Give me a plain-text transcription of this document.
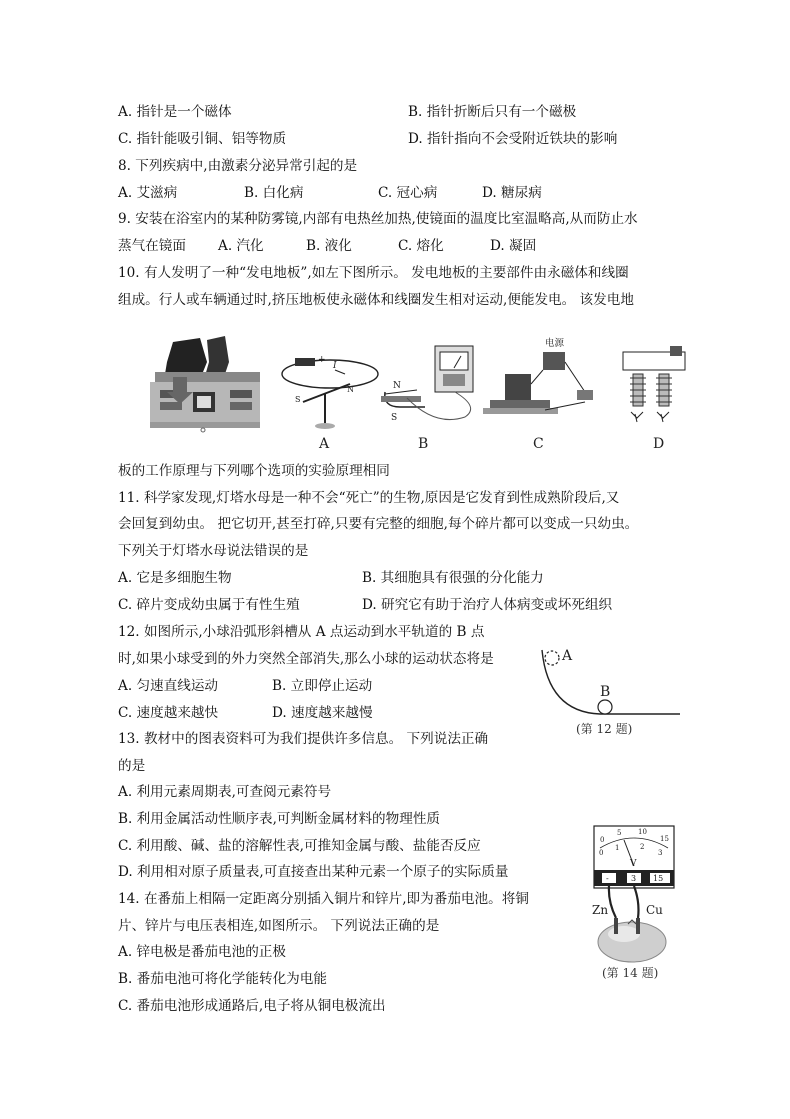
A. 指针是一个磁体	B. 指针折断后只有一个磁极
C. 指针能吸引铜、铝等物质	D. 指针指向不会受附近铁块的影响
8. 下列疾病中,由激素分泌异常引起的是
A. 艾滋病	B. 白化病	C. 冠心病	D. 糖尿病
9. 安装在浴室内的某种防雾镜,内部有电热丝加热,使镜面的温度比室温略高,从而防止水
蒸气在镜面 A. 汽化	B. 液化	C. 熔化	D. 凝固
10. 有人发明了一种“发电地板”,如左下图所示。 发电地板的主要部件由永磁体和线圈
组成。行人或车辆通过时,挤压地板使永磁体和线圈发生相对运动,便能发电。 该发电地
+
I
S
N	N
S
电源
A	B	C	D
板的工作原理与下列哪个选项的实验原理相同
11. 科学家发现,灯塔水母是一种不会“死亡”的生物,原因是它发育到性成熟阶段后,又
会回复到幼虫。 把它切开,甚至打碎,只要有完整的细胞,每个碎片都可以变成一只幼虫。
下列关于灯塔水母说法错误的是
A. 它是多细胞生物	B. 其细胞具有很强的分化能力
C. 碎片变成幼虫属于有性生殖	D. 研究它有助于治疗人体病变或坏死组织
12. 如图所示,小球沿弧形斜槽从 A 点运动到水平轨道的 B 点
时,如果小球受到的外力突然全部消失,那么小球的运动状态将是
A. 匀速直线运动	B. 立即停止运动
C. 速度越来越快	D. 速度越来越慢
A
B
(第 12 题)
13. 教材中的图表资料可为我们提供许多信息。 下列说法正确
的是
A. 利用元素周期表,可查阅元素符号
B. 利用金属活动性顺序表,可判断金属材料的物理性质
C. 利用酸、碱、盐的溶解性表,可推知金属与酸、盐能否反应
D. 利用相对原子质量表,可直接查出某种元素一个原子的实际质量
0
5 10
15
0
1	2
3
V
-	3 15
Zn	Cu
(第 14 题)
14. 在番茄上相隔一定距离分别插入铜片和锌片,即为番茄电池。将铜
片、锌片与电压表相连,如图所示。 下列说法正确的是
A. 锌电极是番茄电池的正极
B. 番茄电池可将化学能转化为电能
C. 番茄电池形成通路后,电子将从铜电极流出
